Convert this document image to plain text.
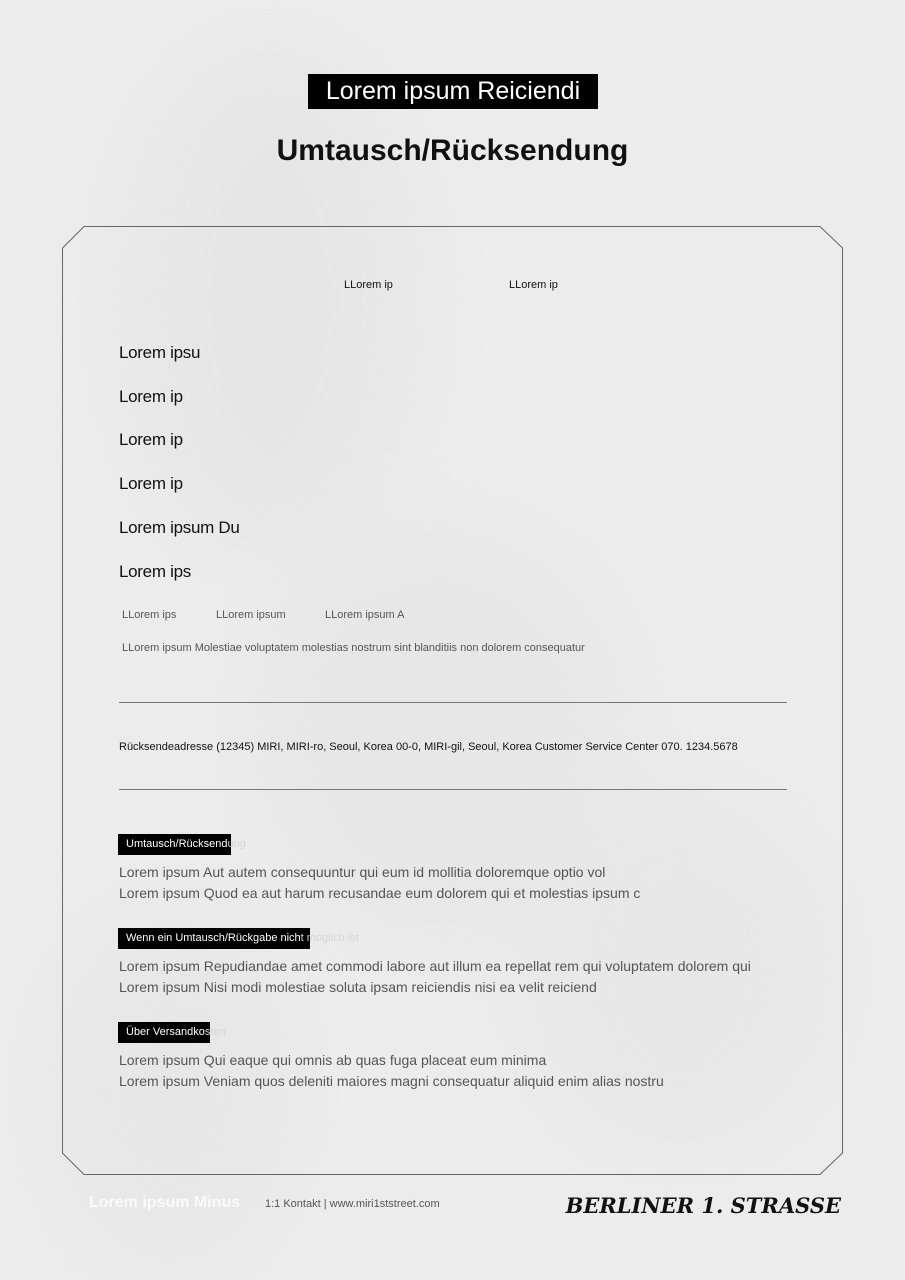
Lorem ipsum Reiciendi
Umtausch/Rücksendung
LLorem ip	LLorem ip
Lorem ipsu
Lorem ip
Lorem ip
Lorem ip
Lorem ipsum Du
Lorem ips
LLorem ips	LLorem ipsum	LLorem ipsum A
LLorem ipsum Molestiae voluptatem molestias nostrum sint blanditiis non dolorem consequatur
Rücksendeadresse (12345) MIRI, MIRI-ro, Seoul, Korea 00-0, MIRI-gil, Seoul, Korea Customer Service Center 070. 1234.5678
Umtausch/Rücksendung
Lorem ipsum Aut autem consequuntur qui eum id mollitia doloremque optio vol
Lorem ipsum Quod ea aut harum recusandae eum dolorem qui et molestias ipsum c
Wenn ein Umtausch/Rückgabe nicht möglich ist
Lorem ipsum Repudiandae amet commodi labore aut illum ea repellat rem qui voluptatem dolorem qui
Lorem ipsum Nisi modi molestiae soluta ipsam reiciendis nisi ea velit reiciend
Über Versandkosten
Lorem ipsum Qui eaque qui omnis ab quas fuga placeat eum minima
Lorem ipsum Veniam quos deleniti maiores magni consequatur aliquid enim alias nostru
Lorem ipsum Minus 1:1 Kontakt | www.miri1ststreet.com	BERLINER 1. STRASSE
